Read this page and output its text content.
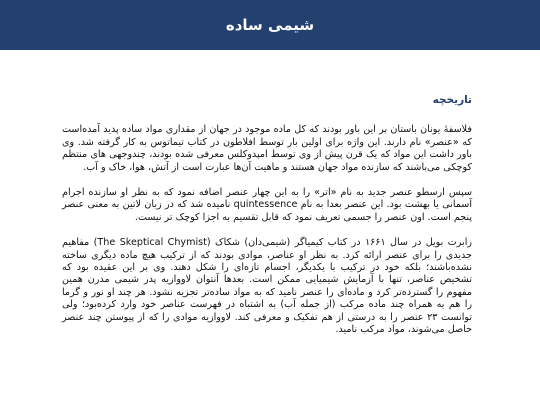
شیمی ساده
تاریخچه

فلاسفهٔ یونان باستان بر این باور بودند که کل ماده موجود در جهان از مقداری مواد ساده پدید آمده‌است که «عنصر» نام دارند. این واژه برای اولین بار توسط افلاطون در کتاب تیماتوس به کار گرفته شد. وی باور داشت این مواد که یک قرن پیش از وی توسط امپدوکلس معرفی شده بودند، چندوجهی های منتظم کوچکی می‌باشند که سازنده مواد جهان هستند و ماهیت آن‌ها عبارت است از آتش، هوا، خاک و آب.

سپس ارسطو عنصر جدید به نام «اتر» را به این چهار عنصر اضافه نمود که به نظر او سازنده اجرام آسمانی یا بهشت بود. این عنصر بعدا به نام quintessence نامیده شد که در زبان لاتین به معنی عنصر پنجم است. اون عنصر را جسمی تعریف نمود که قابل تقسیم به اجزا کوچک تر نیست.

رابرت بویل در سال ۱۶۶۱ در کتاب کیمیاگر (شیمی‌دان) شکاک (The Skeptical Chymist) مفاهیم جدیدی را برای عنصر ارائه کرد. به نظر او عناصر، موادی بودند که از ترکیب هیچ ماده دیگری ساخته نشده‌باشند؛ بلکه خود در ترکیب با یکدیگر، اجسام تازه‌ای را شکل دهند. وی بر این عقیده بود که تشخیص عناصر، تنها با آزمایش شیمیایی ممکن است. بعدها آنتوان لاووازیه پدر شیمی مدرن همین مفهوم را گسترده‌تر کرد و ماده‌ای را عنصر نامید که به مواد ساده‌تر تجزیه نشود. هر چند او نور و گرما را هم به همراه چند ماده مرکب (از جمله آب) به اشتباه در فهرست عناصر خود وارد کرده‌بود؛ ولی توانست ۲۳ عنصر را به درستی از هم تفکیک و معرفی کند. لاووازیه موادی را که از پیوستن چند عنصر حاصل می‌شوند، مواد مرکب نامید.
